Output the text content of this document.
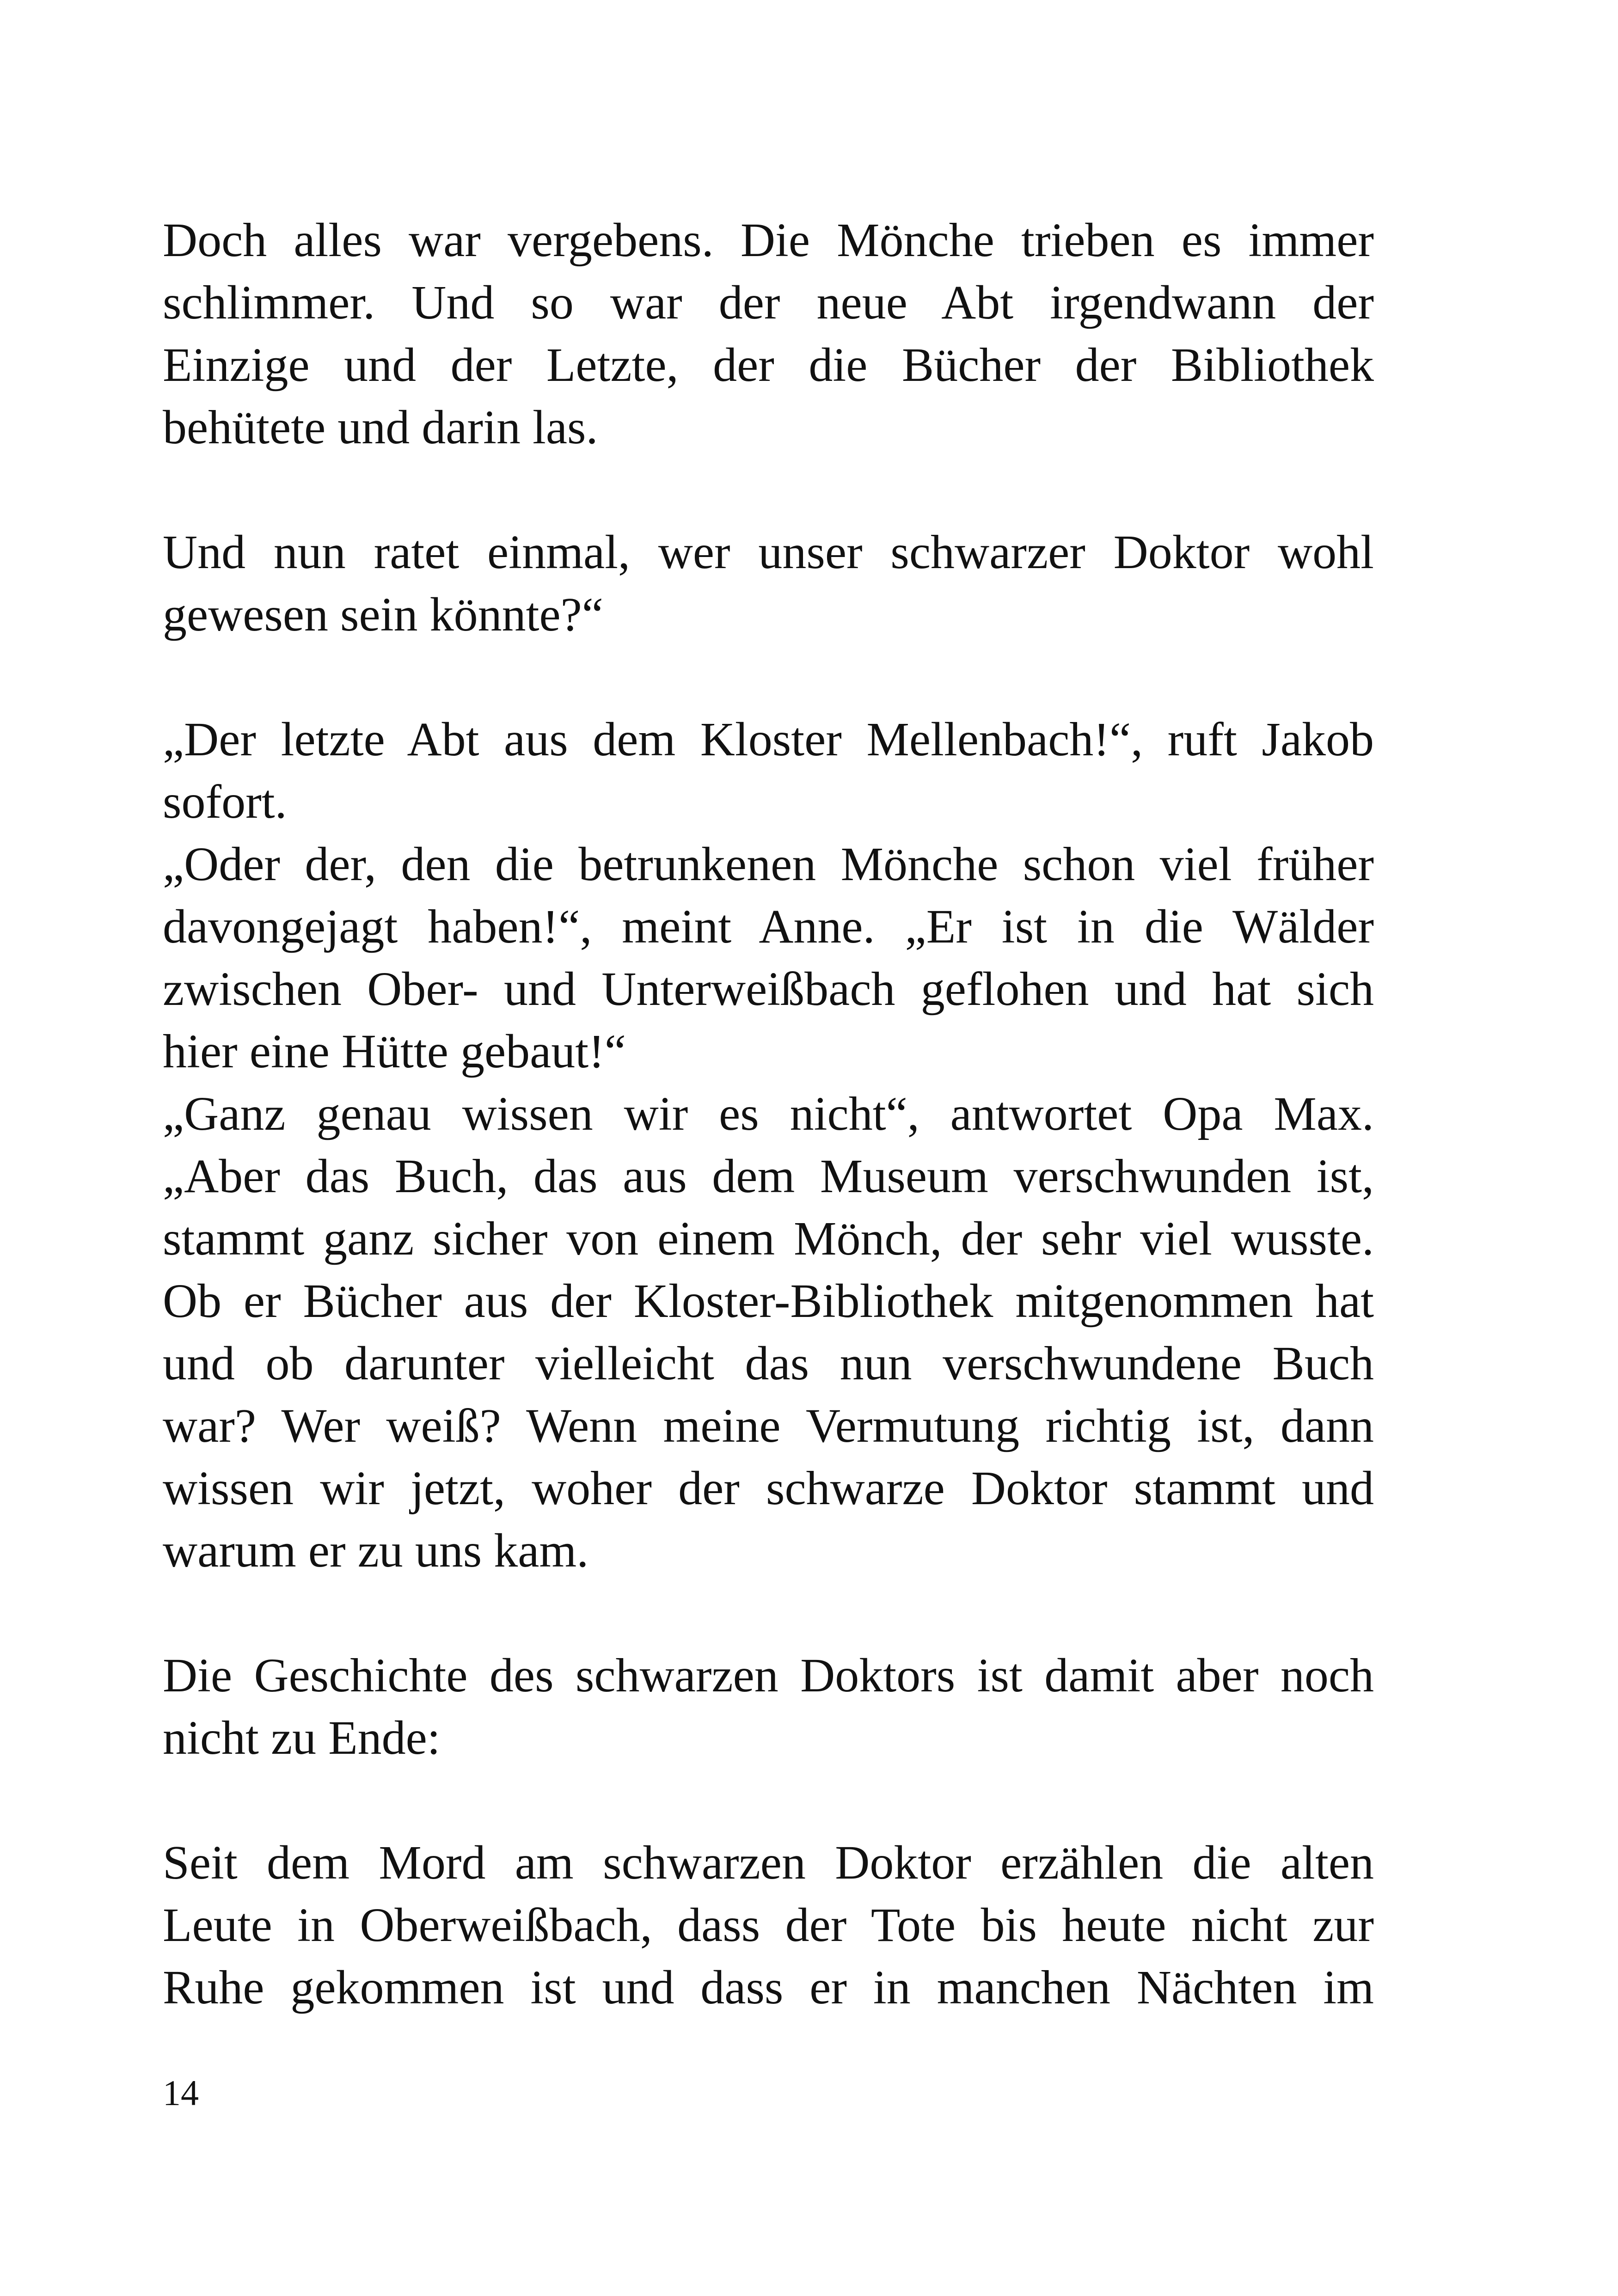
Doch alles war vergebens. Die Mönche trieben es immer

schlimmer. Und so war der neue Abt irgendwann der

Einzige und der Letzte, der die Bücher der Bibliothek

behütete und darin las.

Und nun ratet einmal, wer unser schwarzer Doktor wohl

gewesen sein könnte?“

„Der letzte Abt aus dem Kloster Mellenbach!“, ruft Jakob

sofort.

„Oder der, den die betrunkenen Mönche schon viel früher

davongejagt haben!“, meint Anne. „Er ist in die Wälder

zwischen Ober- und Unterweißbach geflohen und hat sich

hier eine Hütte gebaut!“

„Ganz genau wissen wir es nicht“, antwortet Opa Max.

„Aber das Buch, das aus dem Museum verschwunden ist,

stammt ganz sicher von einem Mönch, der sehr viel wusste.

Ob er Bücher aus der Kloster-Bibliothek mitgenommen hat

und ob darunter vielleicht das nun verschwundene Buch

war? Wer weiß? Wenn meine Vermutung richtig ist, dann

wissen wir jetzt, woher der schwarze Doktor stammt und

warum er zu uns kam.

Die Geschichte des schwarzen Doktors ist damit aber noch

nicht zu Ende:

Seit dem Mord am schwarzen Doktor erzählen die alten

Leute in Oberweißbach, dass der Tote bis heute nicht zur

Ruhe gekommen ist und dass er in manchen Nächten im

14
